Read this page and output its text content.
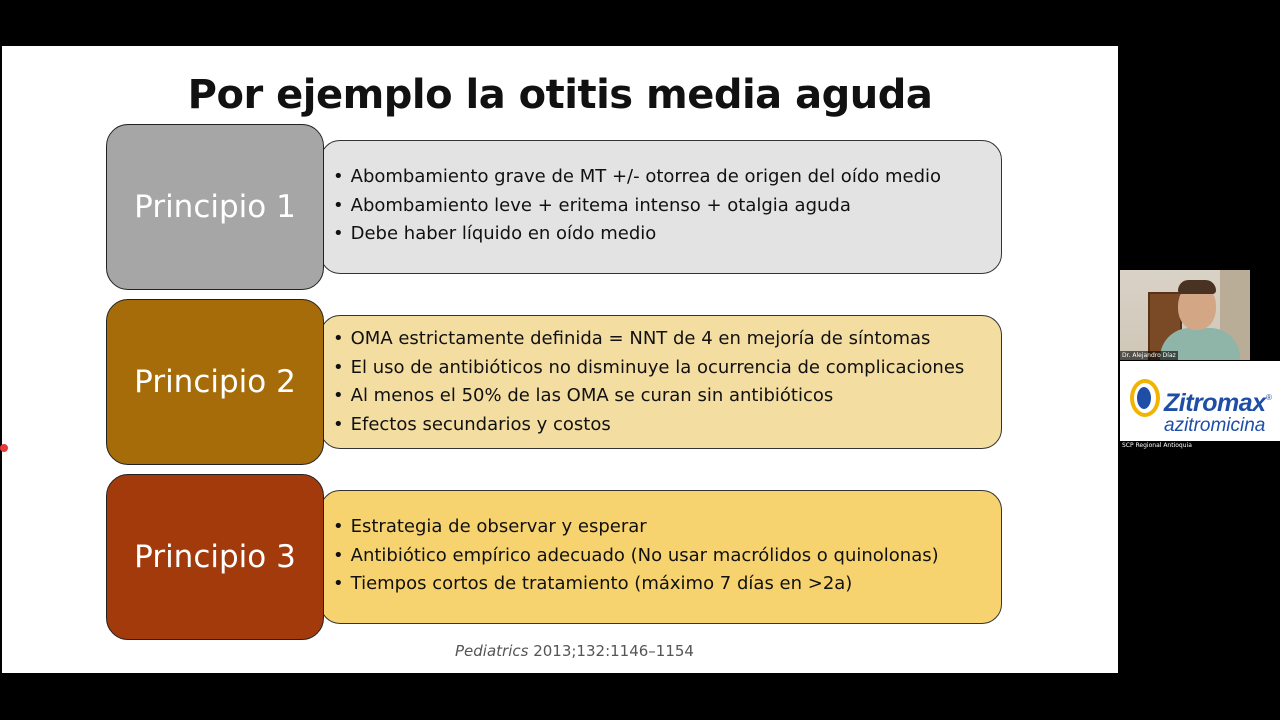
Por ejemplo la otitis media aguda
Principio 1
• Abombamiento grave de MT +/- otorrea de origen del oído medio
• Abombamiento leve + eritema intenso + otalgia aguda
• Debe haber líquido en oído medio
Principio 2
• OMA estrictamente definida = NNT de 4 en mejoría de síntomas
• El uso de antibióticos no disminuye la ocurrencia de complicaciones
• Al menos el 50% de las OMA se curan sin antibióticos
• Efectos secundarios y costos
Principio 3
• Estrategia de observar y esperar
• Antibiótico empírico adecuado (No usar macrólidos o quinolonas)
• Tiempos cortos de tratamiento (máximo 7 días en >2a)
Pediatrics 2013;132:1146–1154
Dr. Alejandro Díaz
Zitromax ®
azitromicina
SCP Regional Antioquia
